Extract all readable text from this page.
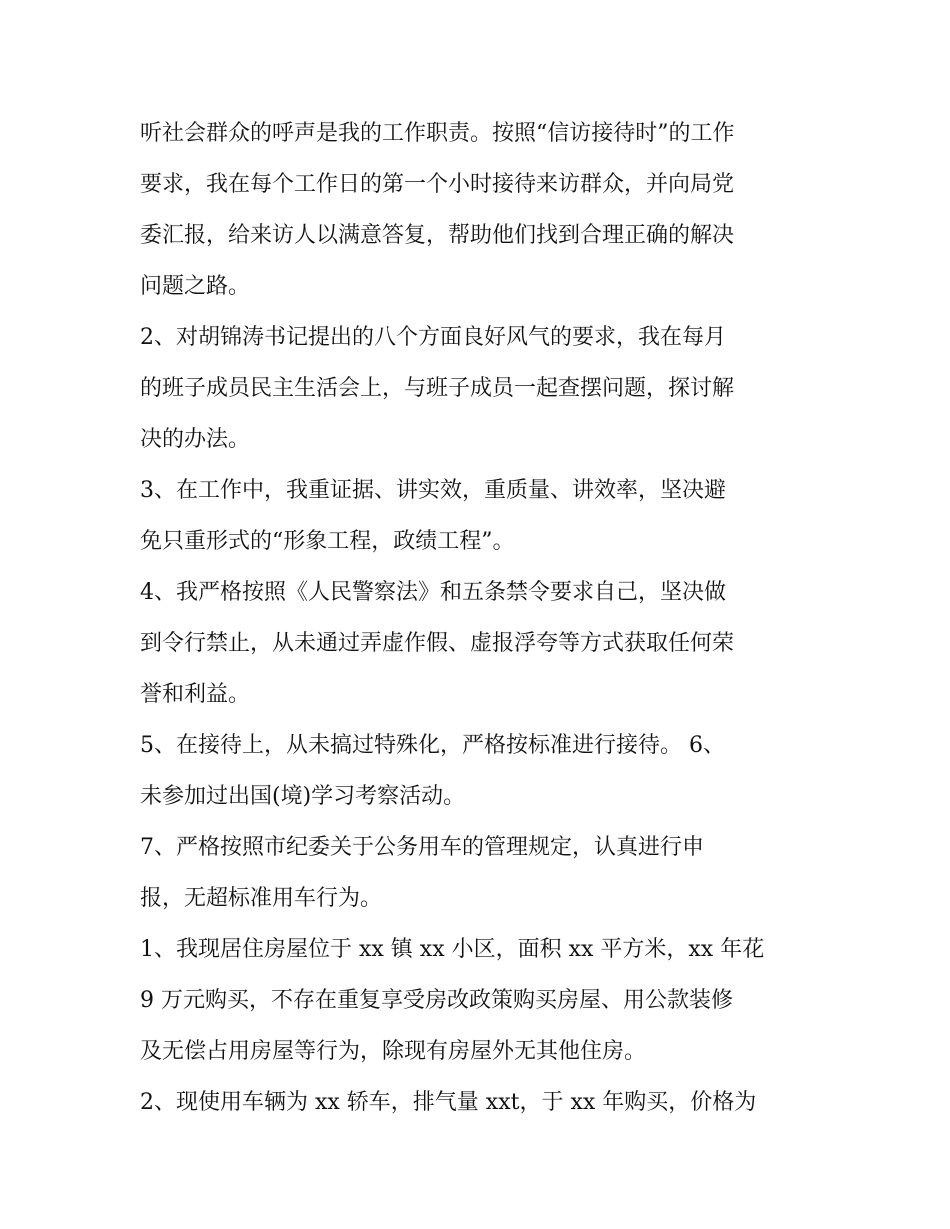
听社会群众的呼声是我的工作职责。按照“信访接待时”的工作
要求，我在每个工作日的第一个小时接待来访群众，并向局党
委汇报，给来访人以满意答复，帮助他们找到合理正确的解决
问题之路。
2、对胡锦涛书记提出的八个方面良好风气的要求，我在每月
的班子成员民主生活会上，与班子成员一起查摆问题，探讨解
决的办法。
3、在工作中，我重证据、讲实效，重质量、讲效率，坚决避
免只重形式的“形象工程，政绩工程”。
4、我严格按照《人民警察法》和五条禁令要求自己，坚决做
到令行禁止，从未通过弄虚作假、虚报浮夸等方式获取任何荣
誉和利益。
5、在接待上，从未搞过特殊化，严格按标准进行接待。 6、
未参加过出国(境)学习考察活动。
7、严格按照市纪委关于公务用车的管理规定，认真进行申
报，无超标准用车行为。
1、我现居住房屋位于 xx 镇 xx 小区，面积 xx 平方米，xx 年花
9 万元购买，不存在重复享受房改政策购买房屋、用公款装修
及无偿占用房屋等行为，除现有房屋外无其他住房。
2、现使用车辆为 xx 轿车，排气量 xxt，于 xx 年购买，价格为
